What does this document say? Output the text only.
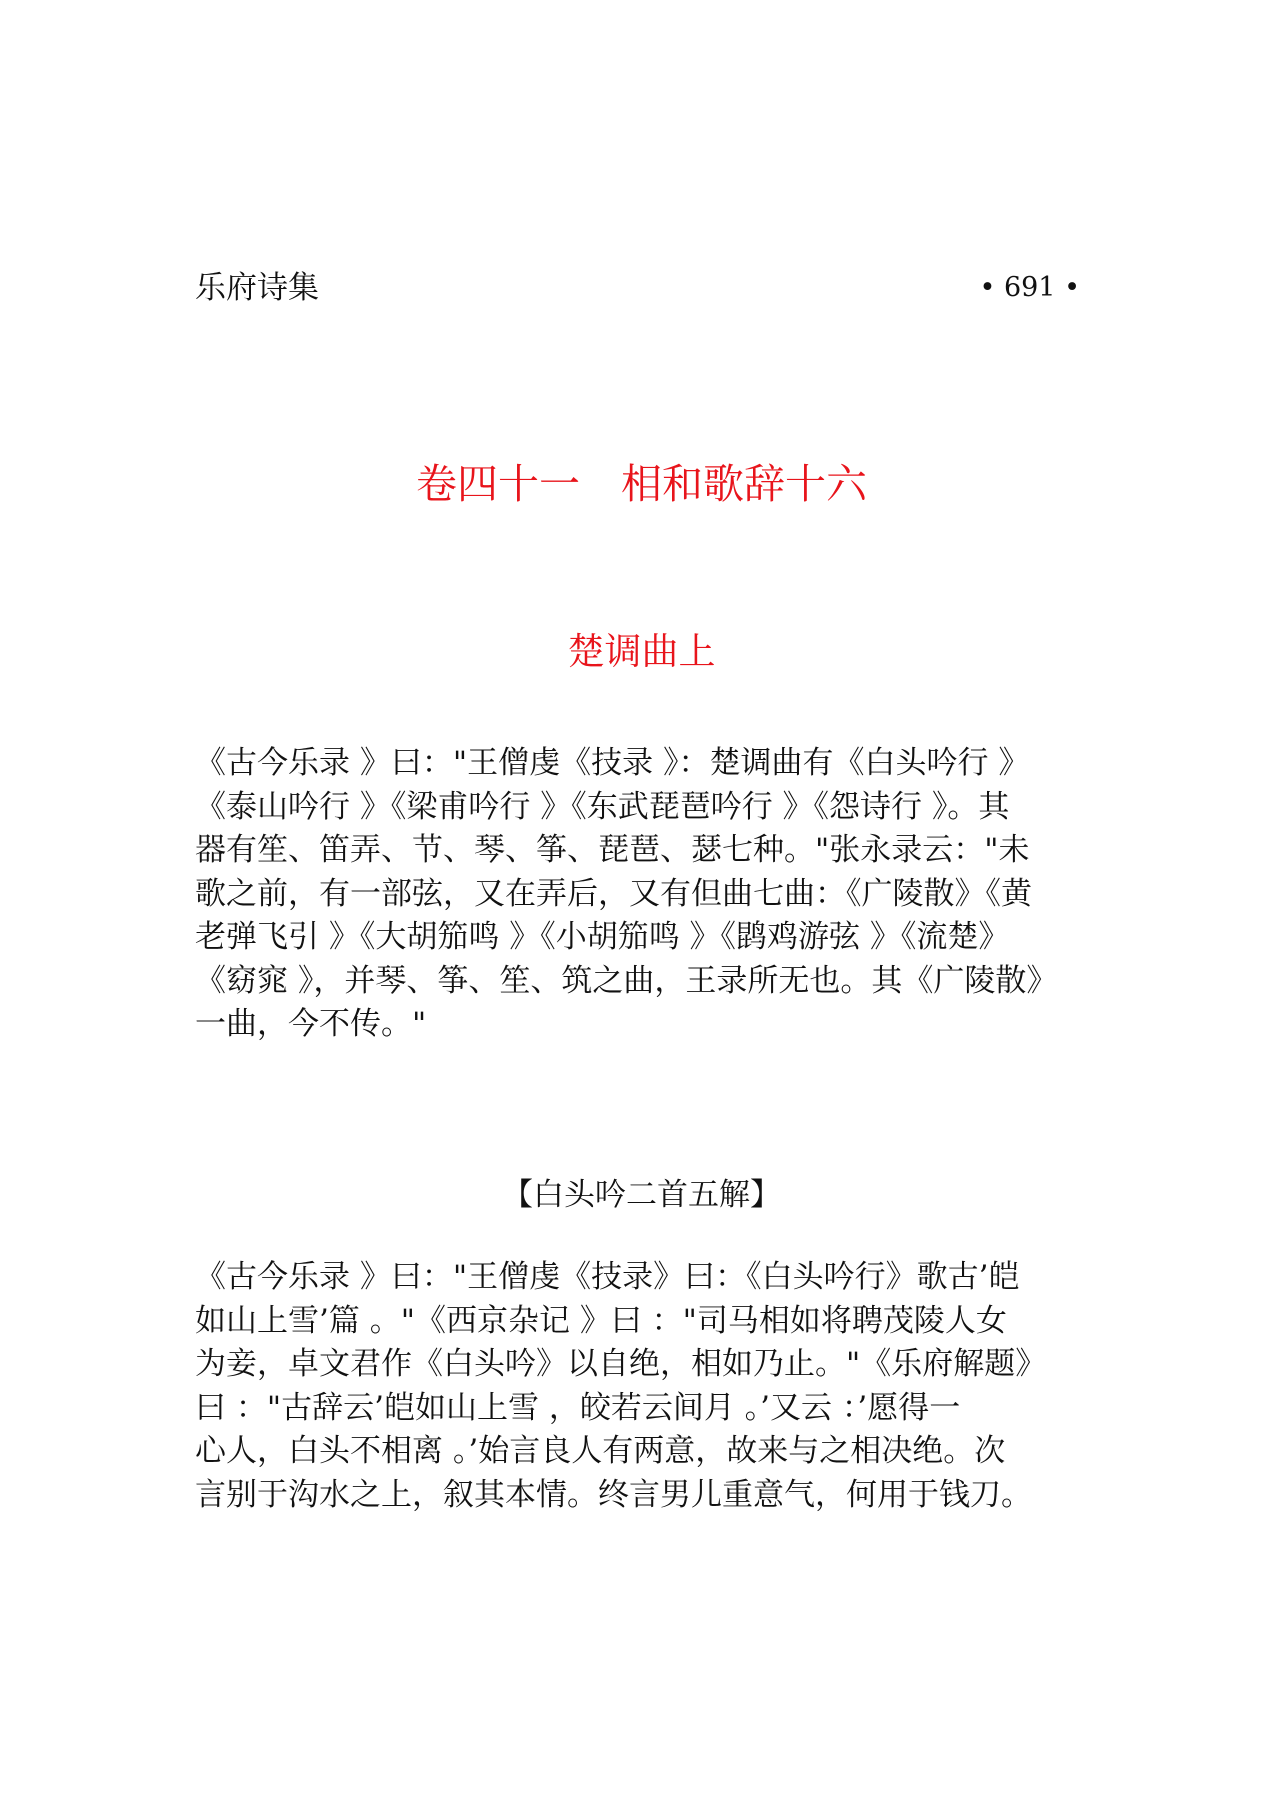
乐府诗集	• 691 •
卷四十一　相和歌辞十六
楚调曲上

《古今乐录 》曰："王僧虔《技录 》：楚调曲有《白头吟行 》
《泰山吟行 》《梁甫吟行 》《东武琵琶吟行 》《怨诗行 》。其
器有笙、笛弄、节、琴、筝、琵琶、瑟七种。"张永录云："未
歌之前，有一部弦，又在弄后，又有但曲七曲：《广陵散》《黄
老弹飞引 》《大胡笳鸣 》《小胡笳鸣 》《鹍鸡游弦 》《流楚》
《窈窕 》，并琴、筝、笙、筑之曲，王录所无也。其《广陵散》
一曲，今不传。"

【白头吟二首五解】

《古今乐录 》曰："王僧虔《技录》曰：《白头吟行》歌古’皑
如山上雪’篇 。"《西京杂记 》曰 ："司马相如将聘茂陵人女
为妾，卓文君作《白头吟》以自绝，相如乃止。"《乐府解题》
曰 ："古辞云’皑如山上雪 ，皎若云间月 。’又云 ：’愿得一
心人，白头不相离 。’始言良人有两意，故来与之相决绝。次
言别于沟水之上，叙其本情。终言男儿重意气，何用于钱刀。
